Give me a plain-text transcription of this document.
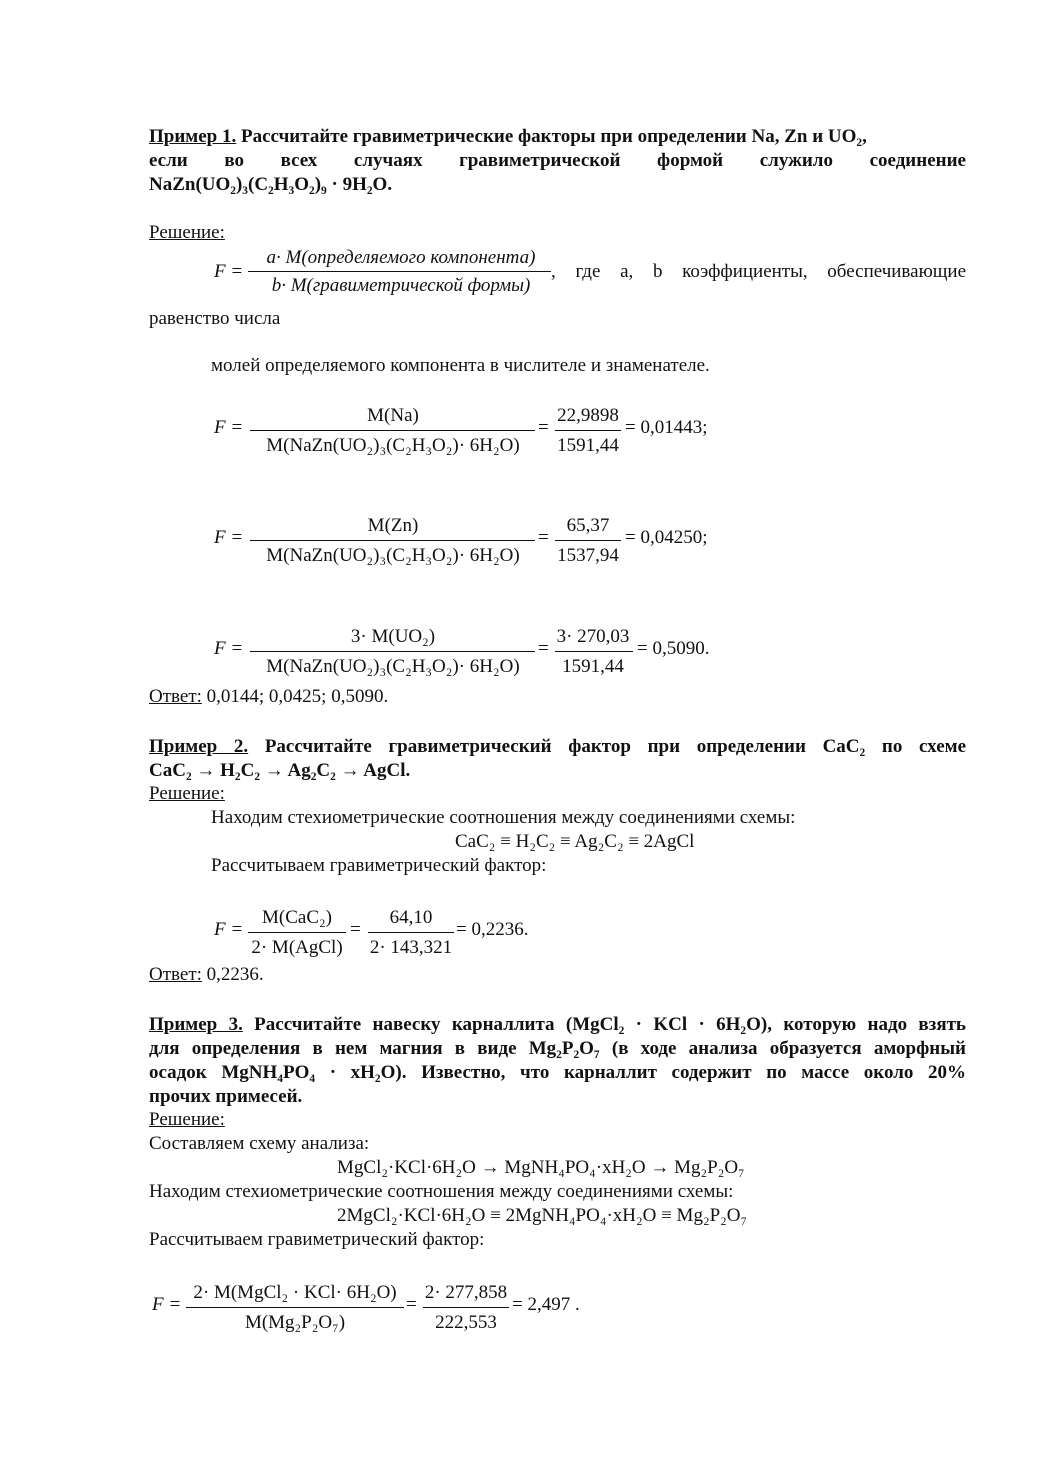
Пример 1. Рассчитайте гравиметрические факторы при определении Na, Zn и UO₂,
если во всех случаях гравиметрической формой служило соединение
NaZn(UO₂)₃(C₂H₃O₂)₉ · 9H₂O.
Решение:
F =
a· M(определяемого компонента)
b· M(гравиметрической формы)
, где a, b коэффициенты, обеспечивающие
равенство числа
молей определяемого компонента в числителе и знаменателе.
F =
M(Na)
M(NaZn(UO₂)₃(C₂H₃O₂)· 6H₂O)
=
22,9898
1591,44
= 0,01443;
F =
M(Zn)
M(NaZn(UO₂)₃(C₂H₃O₂)· 6H₂O)
=
65,37
1537,94
= 0,04250;
F =
3· M(UO₂)
M(NaZn(UO₂)₃(C₂H₃O₂)· 6H₂O)
=
3· 270,03
1591,44
= 0,5090.
Ответ: 0,0144; 0,0425; 0,5090.
Пример 2. Рассчитайте гравиметрический фактор при определении CaC₂ по схеме
CaC₂ → H₂C₂ → Ag₂C₂ → AgCl.
Решение:
Находим стехиометрические соотношения между соединениями схемы:
CaC₂ ≡ H₂C₂ ≡ Ag₂C₂ ≡ 2AgCl
Рассчитываем гравиметрический фактор:
F =
M(CaC₂)
2· M(AgCl)
=
64,10
2· 143,321
= 0,2236.
Ответ: 0,2236.
Пример 3. Рассчитайте навеску карналлита (MgCl₂ · KCl · 6H₂O), которую надо взять
для определения в нем магния в виде Mg₂P₂O₇ (в ходе анализа образуется аморфный
осадок MgNH₄PO₄ · xH₂O). Известно, что карналлит содержит по массе около 20%
прочих примесей.
Решение:
Составляем схему анализа:
MgCl₂·KCl·6H₂O → MgNH₄PO₄·xH₂O → Mg₂P₂O₇
Находим стехиометрические соотношения между соединениями схемы:
2MgCl₂·KCl·6H₂O ≡ 2MgNH₄PO₄·xH₂O ≡ Mg₂P₂O₇
Рассчитываем гравиметрический фактор:
F =
2· M(MgCl₂ · KCl· 6H₂O)
M(Mg₂P₂O₇)
=
2· 277,858
222,553
= 2,497 .
